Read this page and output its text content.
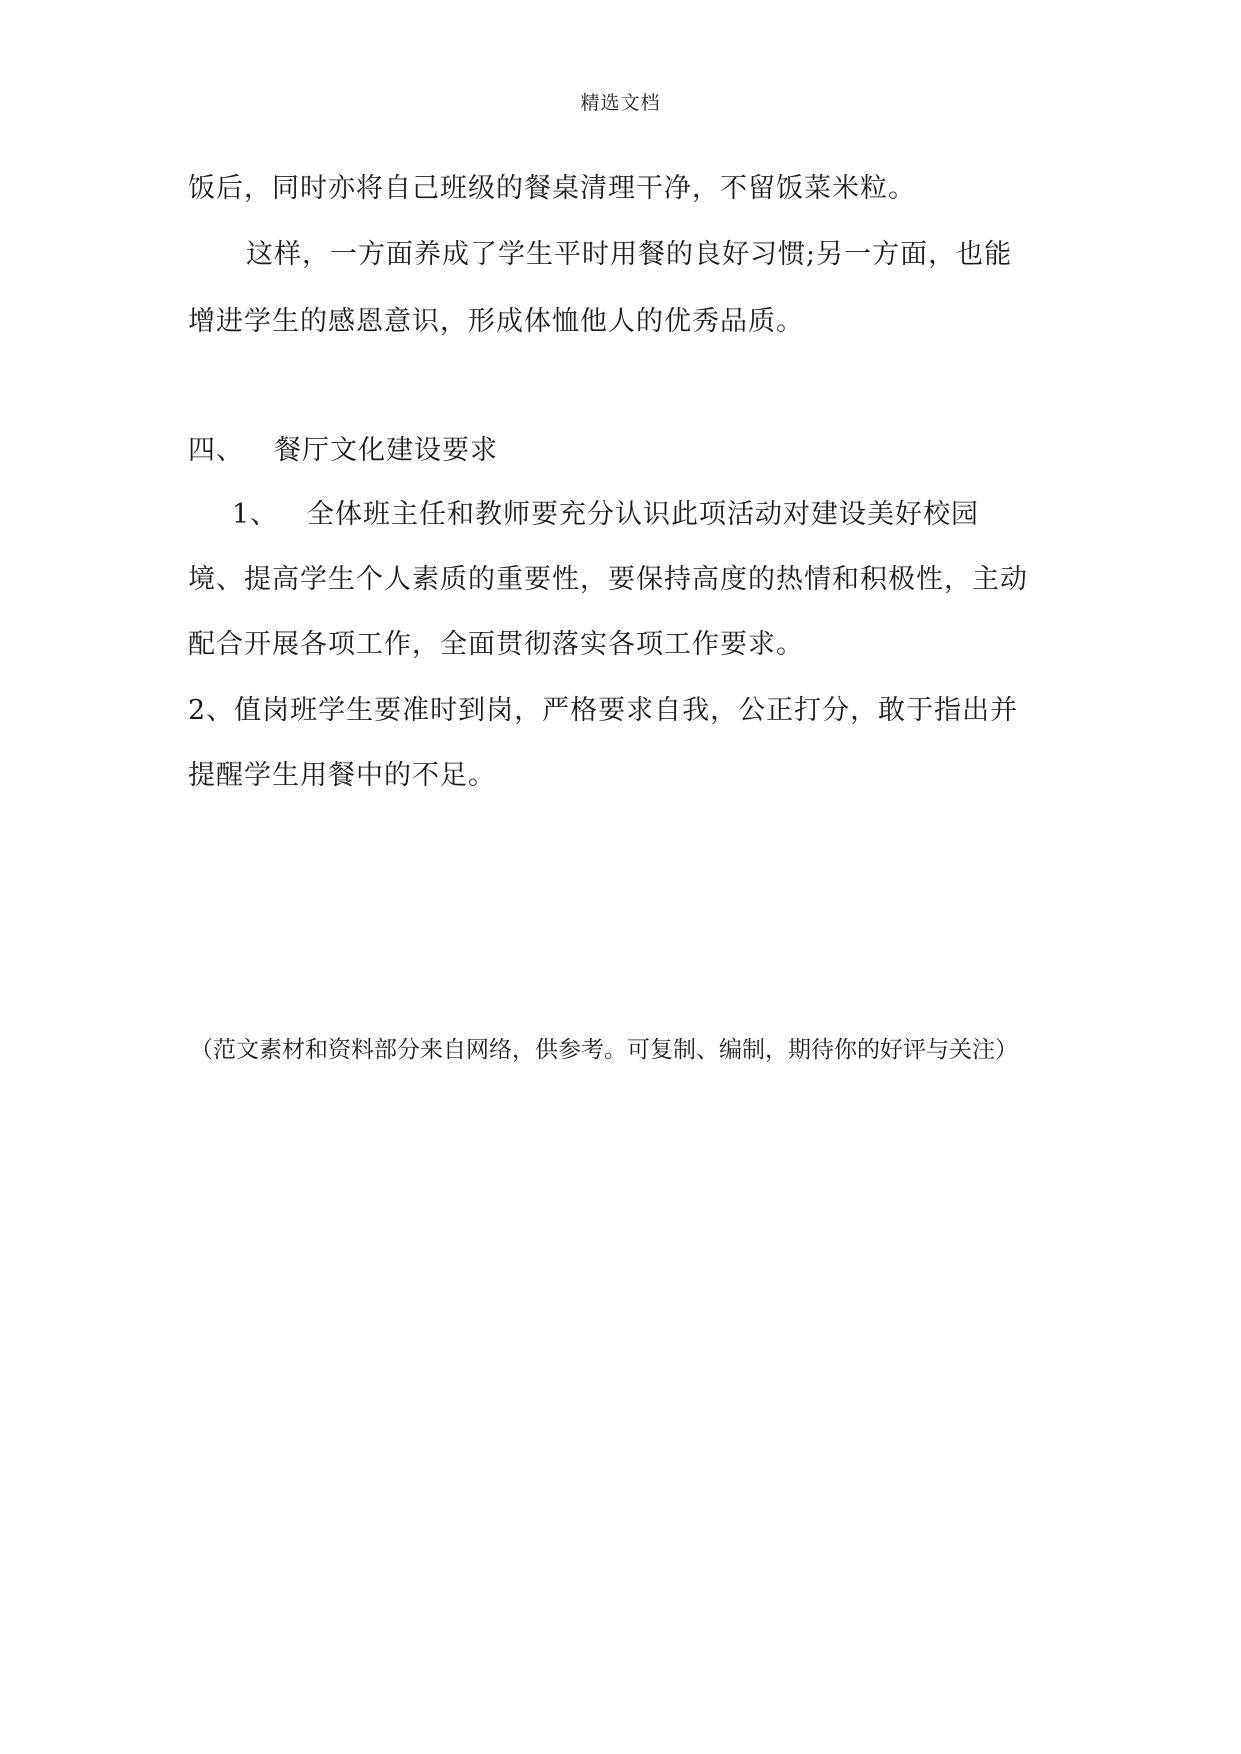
精选文档
饭后，同时亦将自己班级的餐桌清理干净，不留饭菜米粒。
这样，一方面养成了学生平时用餐的良好习惯;另一方面，也能
增进学生的感恩意识，形成体恤他人的优秀品质。
四、 餐厅文化建设要求
1、 全体班主任和教师要充分认识此项活动对建设美好校园
境、提高学生个人素质的重要性，要保持高度的热情和积极性，主动
配合开展各项工作，全面贯彻落实各项工作要求。
2、值岗班学生要准时到岗，严格要求自我，公正打分，敢于指出并
提醒学生用餐中的不足。
（范文素材和资料部分来自网络，供参考。可复制、编制，期待你的好评与关注）
